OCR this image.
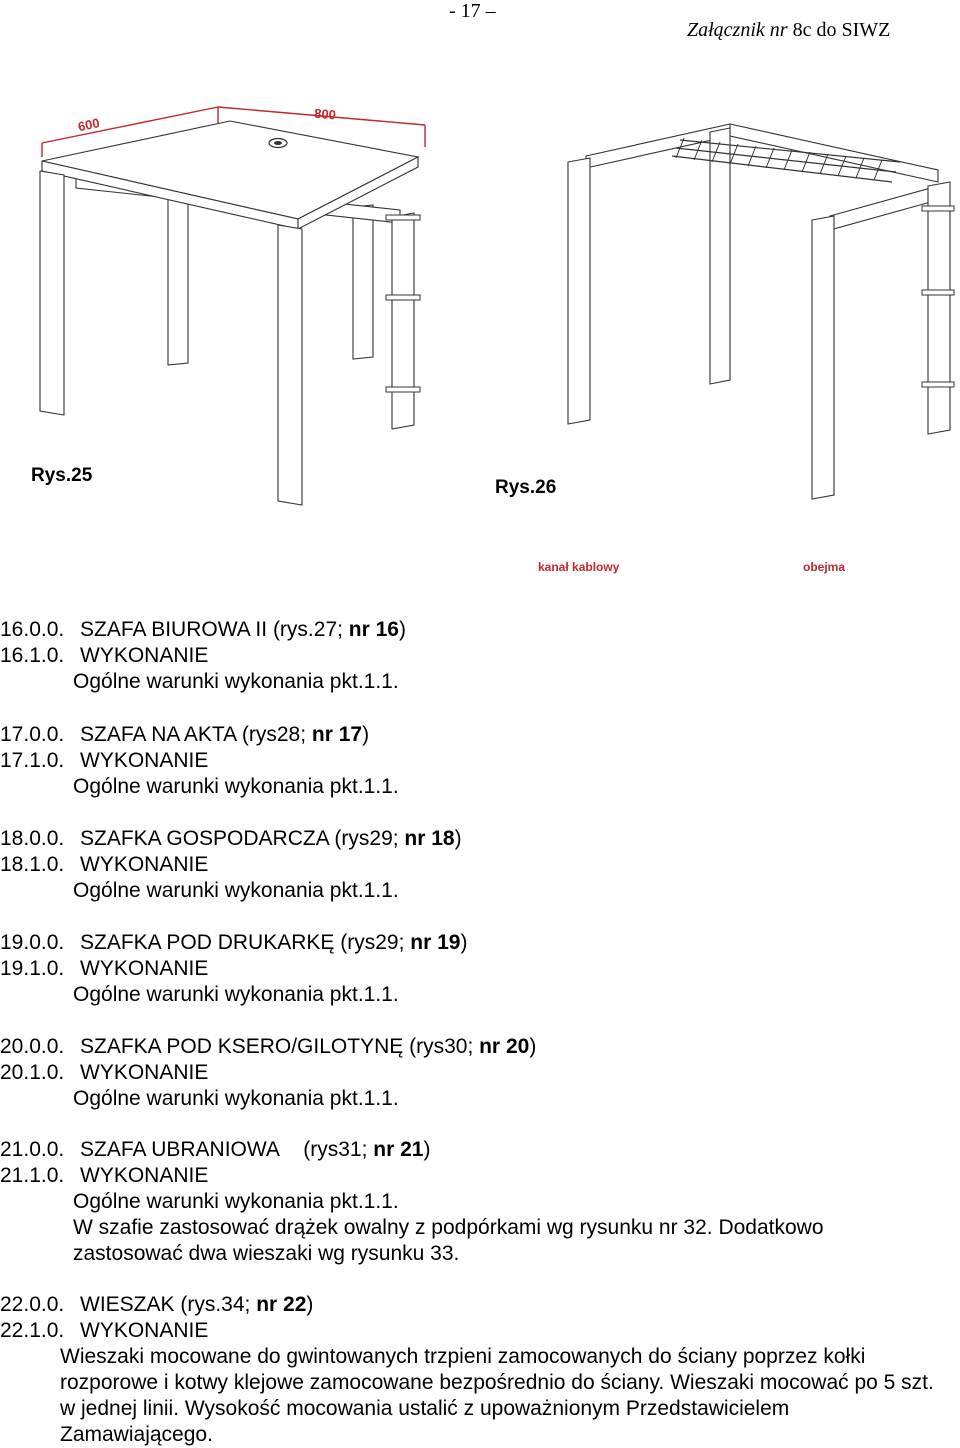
- 17 –
Załącznik nr 8c do SIWZ
600
800
Rys.25
Rys.26
kanał kablowy	obejma
16.0.0. SZAFA BIUROWA II (rys.27; nr 16)
16.1.0. WYKONANIE
Ogólne warunki wykonania pkt.1.1.
17.0.0. SZAFA NA AKTA (rys28; nr 17)
17.1.0. WYKONANIE
Ogólne warunki wykonania pkt.1.1.
18.0.0. SZAFKA GOSPODARCZA (rys29; nr 18)
18.1.0. WYKONANIE
Ogólne warunki wykonania pkt.1.1.
19.0.0. SZAFKA POD DRUKARKĘ (rys29; nr 19)
19.1.0. WYKONANIE
Ogólne warunki wykonania pkt.1.1.
20.0.0. SZAFKA POD KSERO/GILOTYNĘ (rys30; nr 20)
20.1.0. WYKONANIE
Ogólne warunki wykonania pkt.1.1.
21.0.0. SZAFA UBRANIOWA (rys31; nr 21)
21.1.0. WYKONANIE
Ogólne warunki wykonania pkt.1.1.
W szafie zastosować drążek owalny z podpórkami wg rysunku nr 32. Dodatkowo zastosować dwa wieszaki wg rysunku 33.
22.0.0. WIESZAK (rys.34; nr 22)
22.1.0. WYKONANIE
Wieszaki mocowane do gwintowanych trzpieni zamocowanych do ściany poprzez kołki rozporowe i kotwy klejowe zamocowane bezpośrednio do ściany. Wieszaki mocować po 5 szt. w jednej linii. Wysokość mocowania ustalić z upoważnionym Przedstawicielem Zamawiającego.
